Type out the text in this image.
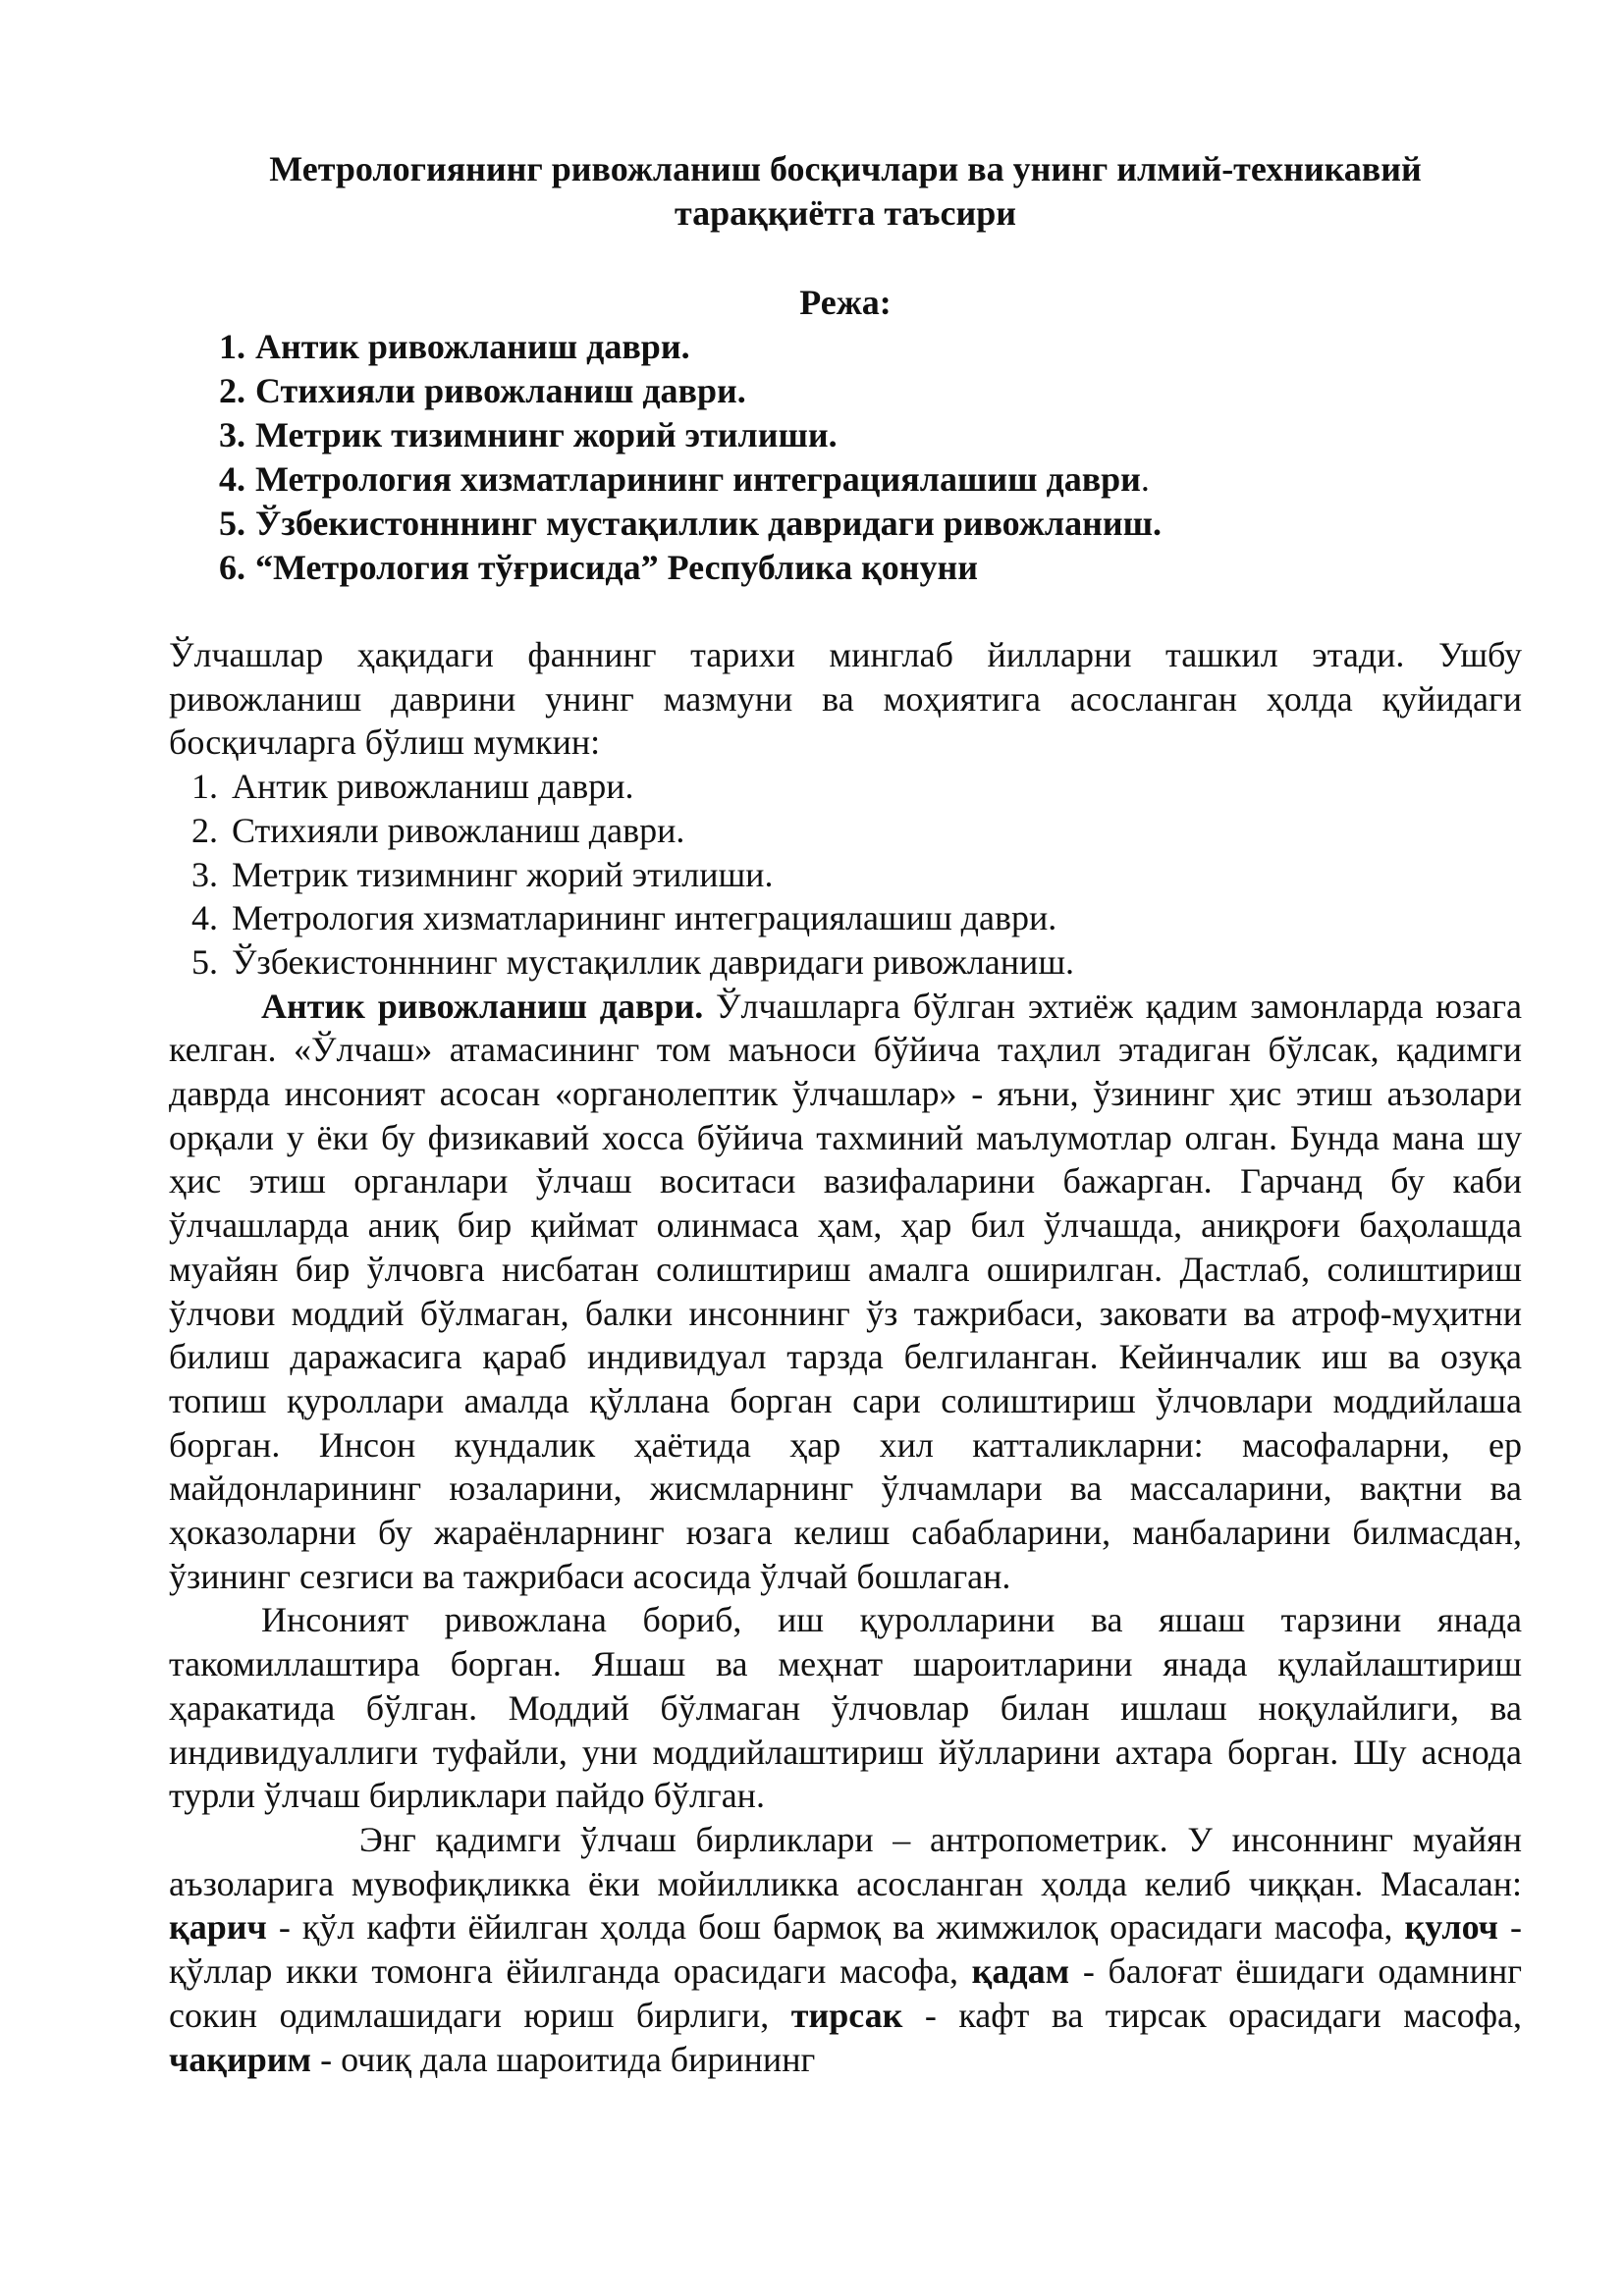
Метрологиянинг ривожланиш босқичлари ва унинг илмий-техникавий
тараққиётга таъсири
Режа:
1. Антик ривожланиш даври.
2. Стихияли ривожланиш даври.
3. Метрик тизимнинг жорий этилиши.
4. Метрология хизматларининг интеграциялашиш даври.
5. Ўзбекистонннинг мустақиллик давридаги ривожланиш.
6. “Метрология тўғрисида” Республика қонуни

Ўлчашлар ҳақидаги фаннинг тарихи минглаб йилларни ташкил этади. Ушбу ривожланиш даврини унинг мазмуни ва моҳиятига асосланган ҳолда қуйидаги босқичларга бўлиш мумкин:

1. Антик ривожланиш даври.
2. Стихияли ривожланиш даври.
3. Метрик тизимнинг жорий этилиши.
4. Метрология хизматларининг интеграциялашиш даври.
5. Ўзбекистонннинг мустақиллик давридаги ривожланиш.

Антик ривожланиш даври. Ўлчашларга бўлган эхтиёж қадим замонларда юзага келган. «Ўлчаш» атамасининг том маъноси бўйича таҳлил этадиган бўлсак, қадимги даврда инсоният асосан «органолептик ўлчашлар» - яъни, ўзининг ҳис этиш аъзолари орқали у ёки бу физикавий хосса бўйича тахминий маълумотлар олган. Бунда мана шу ҳис этиш органлари ўлчаш воситаси вазифаларини бажарган. Гарчанд бу каби ўлчашларда аниқ бир қиймат олинмаса ҳам, ҳар бил ўлчашда, аниқроғи баҳолашда муайян бир ўлчовга нисбатан солиштириш амалга оширилган. Дастлаб, солиштириш ўлчови моддий бўлмаган, балки инсоннинг ўз тажрибаси, заковати ва атроф-муҳитни билиш даражасига қараб индивидуал тарзда белгиланган. Кейинчалик иш ва озуқа топиш қуроллари амалда қўллана борган сари солиштириш ўлчовлари моддийлаша борган. Инсон кундалик ҳаётида ҳар хил катталикларни: масофаларни, ер майдонларининг юзаларини, жисмларнинг ўлчамлари ва массаларини, вақтни ва ҳоказоларни бу жараёнларнинг юзага келиш сабабларини, манбаларини билмасдан, ўзининг сезгиси ва тажрибаси асосида ўлчай бошлаган.

Инсоният ривожлана бориб, иш қуролларини ва яшаш тарзини янада такомиллаштира борган. Яшаш ва меҳнат шароитларини янада қулайлаштириш ҳаракатида бўлган. Моддий бўлмаган ўлчовлар билан ишлаш ноқулайлиги, ва индивидуаллиги туфайли, уни моддийлаштириш йўлларини ахтара борган. Шу аснода турли ўлчаш бирликлари пайдо бўлган.

Энг қадимги ўлчаш бирликлари – антропометрик. У инсоннинг муайян аъзоларига мувофиқликка ёки мойилликка асосланган ҳолда келиб чиққан. Масалан: қарич - қўл кафти ёйилган ҳолда бош бармоқ ва жимжилоқ орасидаги масофа, қулоч - қўллар икки томонга ёйилганда орасидаги масофа, қадам - балоғат ёшидаги одамнинг сокин одимлашидаги юриш бирлиги, тирсак - кафт ва тирсак орасидаги масофа, чақирим - очиқ дала шароитида бирининг
